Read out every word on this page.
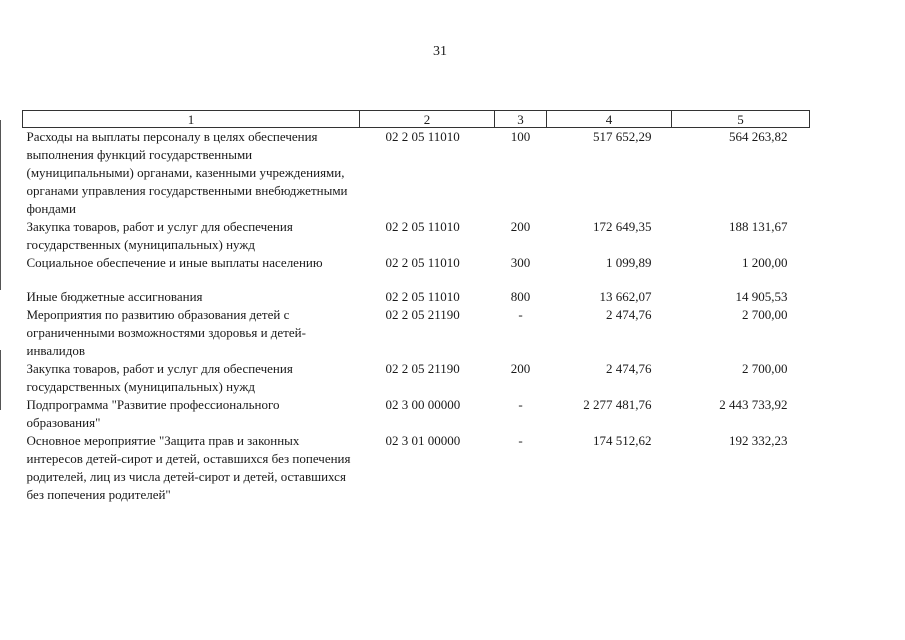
31
1	2	3	4	5
Расходы на выплаты персоналу в целях обеспечения выполнения функций государственными (муниципальными) органами, казенными учреждениями, органами управления государственными внебюджетными фондами	02 2 05 11010	100	517 652,29	564 263,82
Закупка товаров, работ и услуг для обеспечения государственных (муниципальных) нужд	02 2 05 11010	200	172 649,35	188 131,67
Социальное обеспечение и иные выплаты населению	02 2 05 11010	300	1 099,89	1 200,00
Иные бюджетные ассигнования	02 2 05 11010	800	13 662,07	14 905,53
Мероприятия по развитию образования детей с ограниченными возможностями здоровья и детей-инвалидов	02 2 05 21190	-	2 474,76	2 700,00
Закупка товаров, работ и услуг для обеспечения государственных (муниципальных) нужд	02 2 05 21190	200	2 474,76	2 700,00
Подпрограмма "Развитие профессионального образования"	02 3 00 00000	-	2 277 481,76	2 443 733,92
Основное мероприятие "Защита прав и законных интересов детей-сирот и детей, оставшихся без попечения родителей, лиц из числа детей-сирот и детей, оставшихся без попечения родителей"	02 3 01 00000	-	174 512,62	192 332,23
